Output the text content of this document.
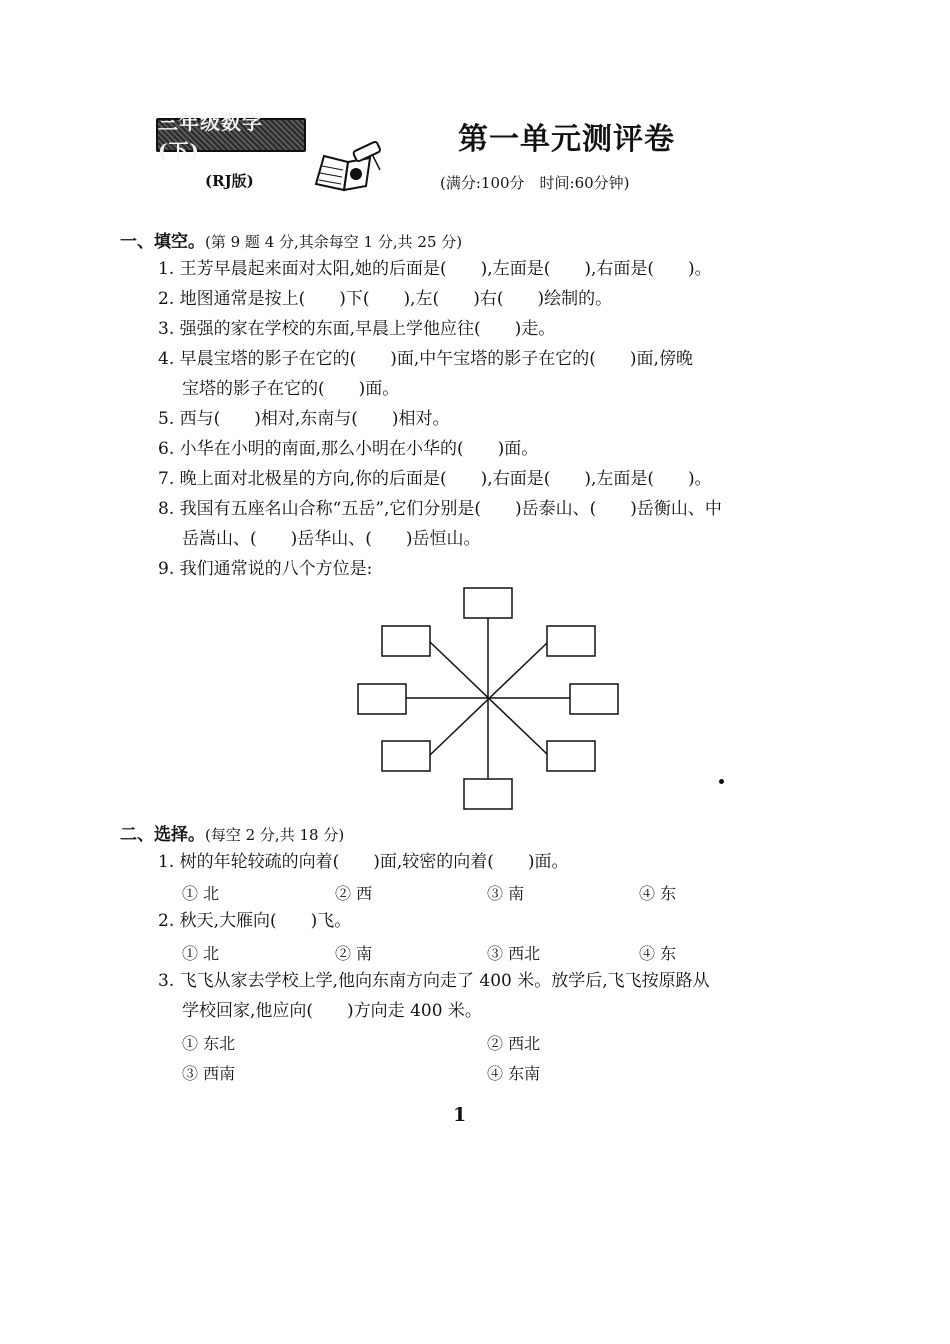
三年级数学(下)
(RJ版)
第一单元测评卷
(满分:100分　时间:60分钟)
一、填空。(第 9 题 4 分,其余每空 1 分,共 25 分)
1. 王芳早晨起来面对太阳,她的后面是(　　),左面是(　　),右面是(　　)。
2. 地图通常是按上(　　)下(　　),左(　　)右(　　)绘制的。
3. 强强的家在学校的东面,早晨上学他应往(　　)走。
4. 早晨宝塔的影子在它的(　　)面,中午宝塔的影子在它的(　　)面,傍晚
宝塔的影子在它的(　　)面。
5. 西与(　　)相对,东南与(　　)相对。
6. 小华在小明的南面,那么小明在小华的(　　)面。
7. 晚上面对北极星的方向,你的后面是(　　),右面是(　　),左面是(　　)。
8. 我国有五座名山合称“五岳”,它们分别是(　　)岳泰山、(　　)岳衡山、中
岳嵩山、(　　)岳华山、(　　)岳恒山。
9. 我们通常说的八个方位是:
二、选择。(每空 2 分,共 18 分)
1. 树的年轮较疏的向着(　　)面,较密的向着(　　)面。
① 北	② 西	③ 南	④ 东
2. 秋天,大雁向(　　)飞。
① 北	② 南	③ 西北	④ 东
3. 飞飞从家去学校上学,他向东南方向走了 400 米。放学后,飞飞按原路从
学校回家,他应向(　　)方向走 400 米。
① 东北	② 西北
③ 西南	④ 东南
1
